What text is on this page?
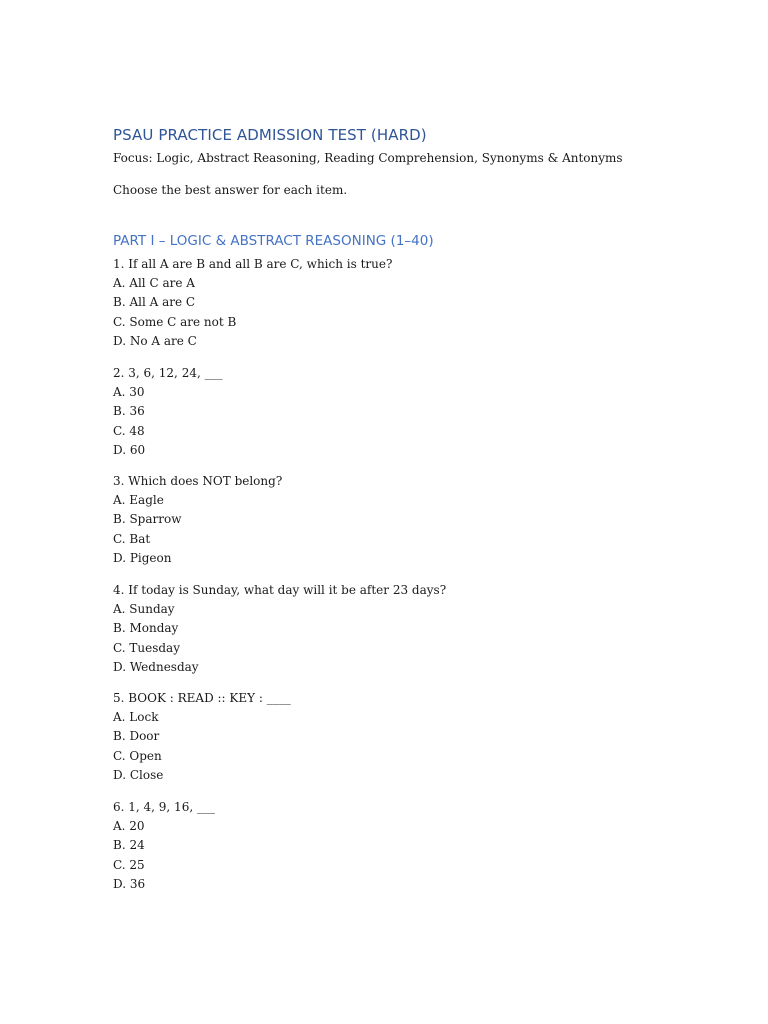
PSAU PRACTICE ADMISSION TEST (HARD)

Focus: Logic, Abstract Reasoning, Reading Comprehension, Synonyms & Antonyms

Choose the best answer for each item.

PART I – LOGIC & ABSTRACT REASONING (1–40)
1. If all A are B and all B are C, which is true?
A. All C are A
B. All A are C
C. Some C are not B
D. No A are C
2. 3, 6, 12, 24, ___
A. 30
B. 36
C. 48
D. 60
3. Which does NOT belong?
A. Eagle
B. Sparrow
C. Bat
D. Pigeon
4. If today is Sunday, what day will it be after 23 days?
A. Sunday
B. Monday
C. Tuesday
D. Wednesday
5. BOOK : READ :: KEY : ____
A. Lock
B. Door
C. Open
D. Close
6. 1, 4, 9, 16, ___
A. 20
B. 24
C. 25
D. 36
